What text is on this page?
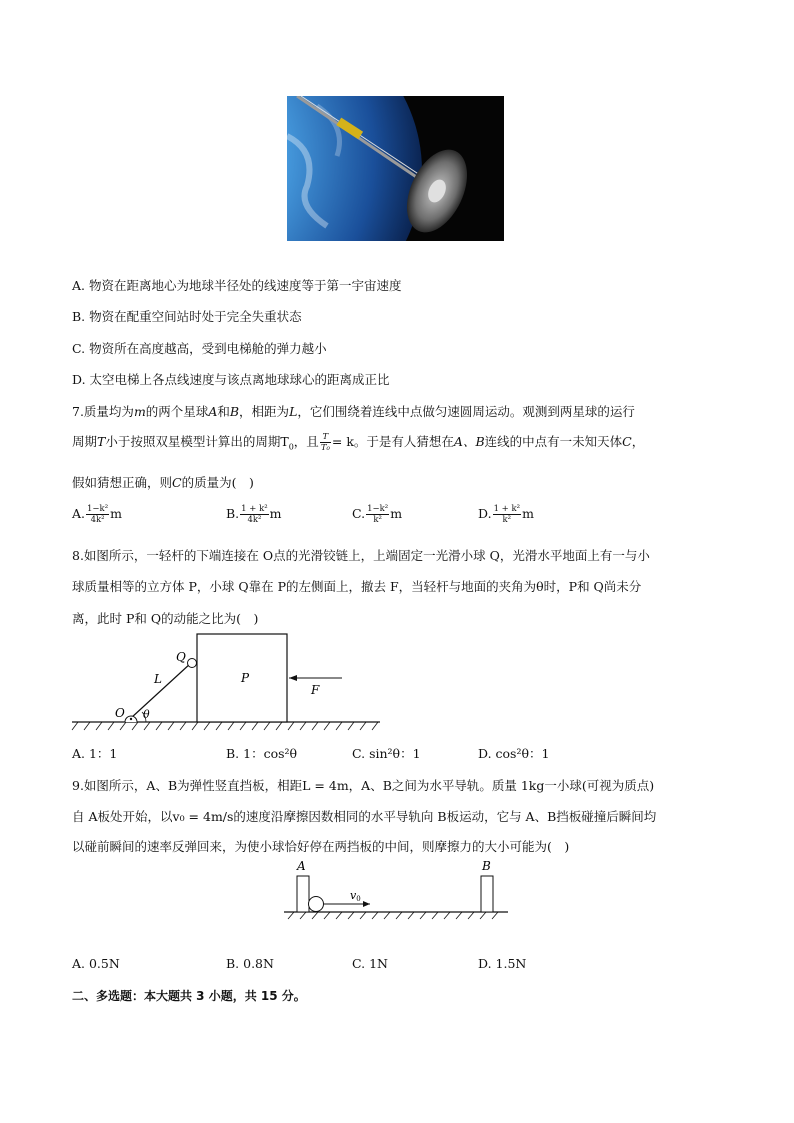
A. 物资在距离地心为地球半径处的线速度等于第一宇宙速度
B. 物资在配重空间站时处于完全失重状态
C. 物资所在高度越高，受到电梯舱的弹力越小
D. 太空电梯上各点线速度与该点离地球球心的距离成正比
7.质量均为m的两个星球A和B，相距为L，它们围绕着连线中点做匀速圆周运动。观测到两星球的运行
周期T小于按照双星模型计算出的周期$T_0$，且 $\frac{T}{\text{T₀}} = k$。于是有人猜想在A、B连线的中点有一未知天体C，
假如猜想正确，则C的质量为(　)
A. $\frac{\text{1−k²}}{\text{4k²}}$ m	B. $\frac{\text{1 + k²}}{\text{4k²}}$ m	C. $\frac{\text{1−k²}}{\text{k²}}$ m	D. $\frac{\text{1 + k²}}{\text{k²}}$ m
8.如图所示，一轻杆的下端连接在 O点的光滑铰链上，上端固定一光滑小球 Q，光滑水平地面上有一与小
球质量相等的立方体 P，小球 Q靠在 P的左侧面上，撤去 F，当轻杆与地面的夹角为θ时，P和 Q尚未分
离，此时 P和 Q的动能之比为(　)
Q
L	P
F
O θ
A. 1：1	B. 1：cos²θ	C. sin²θ：1	D. cos²θ：1
9.如图所示，A、B为弹性竖直挡板，相距L = 4m，A、B之间为水平导轨。质量 1kg一小球(可视为质点)
自 A板处开始，以v₀ = 4m/s的速度沿摩擦因数相同的水平导轨向 B板运动，它与 A、B挡板碰撞后瞬间均
以碰前瞬间的速率反弹回来，为使小球恰好停在两挡板的中间，则摩擦力的大小可能为(　)
A	B
v0
A. 0.5N	B. 0.8N	C. 1N	D. 1.5N
二、多选题：本大题共 3 小题，共 15 分。
